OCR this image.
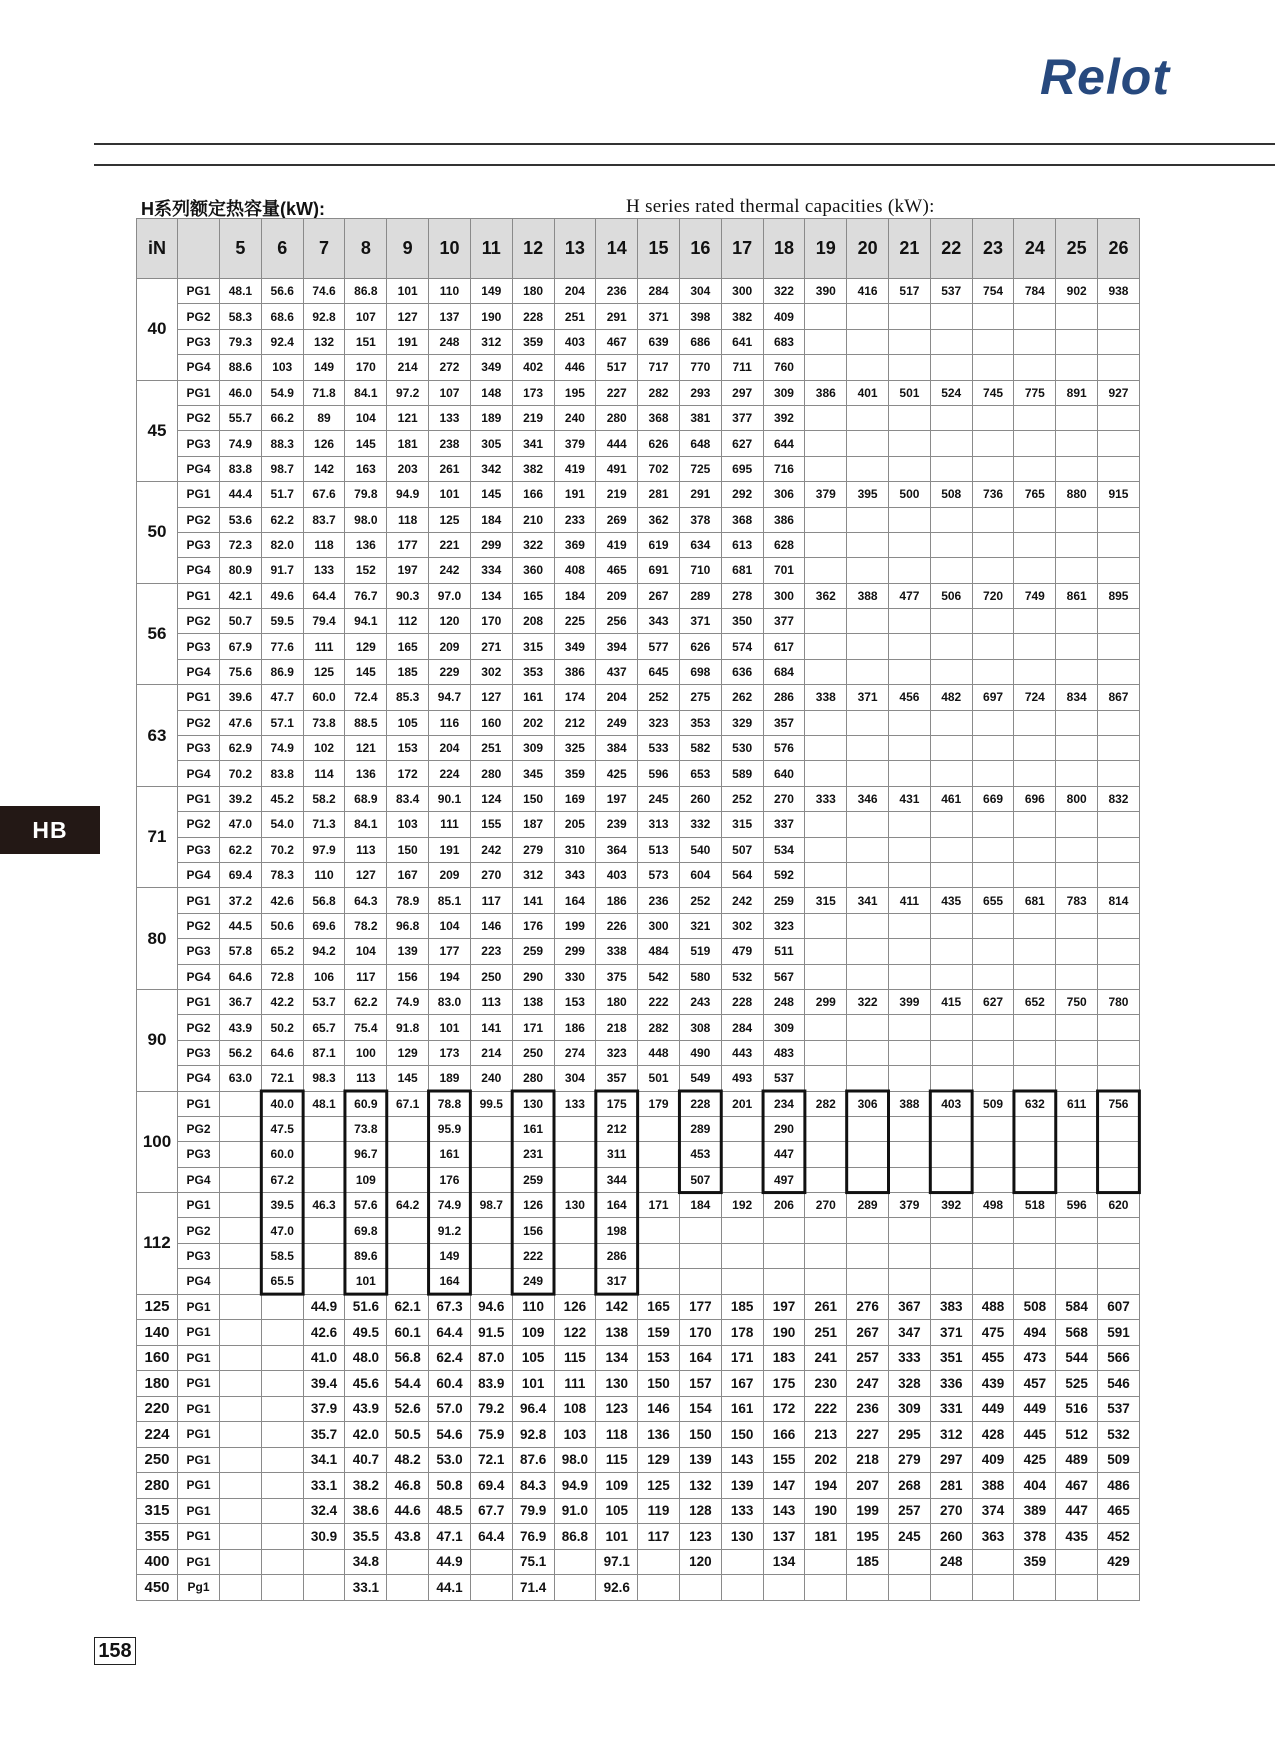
Relot
H系列额定热容量(kW):	H series rated thermal capacities (kW):
HB
158
iN		5	6	7	8	9	10	11	12	13	14	15	16	17	18	19	20	21	22	23	24	25	26
40	PG1	48.1	56.6	74.6	86.8	101	110	149	180	204	236	284	304	300	322	390	416	517	537	754	784	902	938
	PG2	58.3	68.6	92.8	107	127	137	190	228	251	291	371	398	382	409								
	PG3	79.3	92.4	132	151	191	248	312	359	403	467	639	686	641	683								
	PG4	88.6	103	149	170	214	272	349	402	446	517	717	770	711	760								
45	PG1	46.0	54.9	71.8	84.1	97.2	107	148	173	195	227	282	293	297	309	386	401	501	524	745	775	891	927
	PG2	55.7	66.2	89	104	121	133	189	219	240	280	368	381	377	392								
	PG3	74.9	88.3	126	145	181	238	305	341	379	444	626	648	627	644								
	PG4	83.8	98.7	142	163	203	261	342	382	419	491	702	725	695	716								
50	PG1	44.4	51.7	67.6	79.8	94.9	101	145	166	191	219	281	291	292	306	379	395	500	508	736	765	880	915
	PG2	53.6	62.2	83.7	98.0	118	125	184	210	233	269	362	378	368	386								
	PG3	72.3	82.0	118	136	177	221	299	322	369	419	619	634	613	628								
	PG4	80.9	91.7	133	152	197	242	334	360	408	465	691	710	681	701								
56	PG1	42.1	49.6	64.4	76.7	90.3	97.0	134	165	184	209	267	289	278	300	362	388	477	506	720	749	861	895
	PG2	50.7	59.5	79.4	94.1	112	120	170	208	225	256	343	371	350	377								
	PG3	67.9	77.6	111	129	165	209	271	315	349	394	577	626	574	617								
	PG4	75.6	86.9	125	145	185	229	302	353	386	437	645	698	636	684								
63	PG1	39.6	47.7	60.0	72.4	85.3	94.7	127	161	174	204	252	275	262	286	338	371	456	482	697	724	834	867
	PG2	47.6	57.1	73.8	88.5	105	116	160	202	212	249	323	353	329	357								
	PG3	62.9	74.9	102	121	153	204	251	309	325	384	533	582	530	576								
	PG4	70.2	83.8	114	136	172	224	280	345	359	425	596	653	589	640								
71	PG1	39.2	45.2	58.2	68.9	83.4	90.1	124	150	169	197	245	260	252	270	333	346	431	461	669	696	800	832
	PG2	47.0	54.0	71.3	84.1	103	111	155	187	205	239	313	332	315	337								
	PG3	62.2	70.2	97.9	113	150	191	242	279	310	364	513	540	507	534								
	PG4	69.4	78.3	110	127	167	209	270	312	343	403	573	604	564	592								
80	PG1	37.2	42.6	56.8	64.3	78.9	85.1	117	141	164	186	236	252	242	259	315	341	411	435	655	681	783	814
	PG2	44.5	50.6	69.6	78.2	96.8	104	146	176	199	226	300	321	302	323								
	PG3	57.8	65.2	94.2	104	139	177	223	259	299	338	484	519	479	511								
	PG4	64.6	72.8	106	117	156	194	250	290	330	375	542	580	532	567								
90	PG1	36.7	42.2	53.7	62.2	74.9	83.0	113	138	153	180	222	243	228	248	299	322	399	415	627	652	750	780
	PG2	43.9	50.2	65.7	75.4	91.8	101	141	171	186	218	282	308	284	309								
	PG3	56.2	64.6	87.1	100	129	173	214	250	274	323	448	490	443	483								
	PG4	63.0	72.1	98.3	113	145	189	240	280	304	357	501	549	493	537								
100	PG1		40.0	48.1	60.9	67.1	78.8	99.5	130	133	175	179	228	201	234	282	306	388	403	509	632	611	756
	PG2		47.5		73.8		95.9		161		212		289		290								
	PG3		60.0		96.7		161		231		311		453		447								
	PG4		67.2		109		176		259		344		507		497								
112	PG1		39.5	46.3	57.6	64.2	74.9	98.7	126	130	164	171	184	192	206	270	289	379	392	498	518	596	620
	PG2		47.0		69.8		91.2		156		198												
	PG3		58.5		89.6		149		222		286												
	PG4		65.5		101		164		249		317												
125	PG1			44.9	51.6	62.1	67.3	94.6	110	126	142	165	177	185	197	261	276	367	383	488	508	584	607
140	PG1			42.6	49.5	60.1	64.4	91.5	109	122	138	159	170	178	190	251	267	347	371	475	494	568	591
160	PG1			41.0	48.0	56.8	62.4	87.0	105	115	134	153	164	171	183	241	257	333	351	455	473	544	566
180	PG1			39.4	45.6	54.4	60.4	83.9	101	111	130	150	157	167	175	230	247	328	336	439	457	525	546
220	PG1			37.9	43.9	52.6	57.0	79.2	96.4	108	123	146	154	161	172	222	236	309	331	449	449	516	537
224	PG1			35.7	42.0	50.5	54.6	75.9	92.8	103	118	136	150	150	166	213	227	295	312	428	445	512	532
250	PG1			34.1	40.7	48.2	53.0	72.1	87.6	98.0	115	129	139	143	155	202	218	279	297	409	425	489	509
280	PG1			33.1	38.2	46.8	50.8	69.4	84.3	94.9	109	125	132	139	147	194	207	268	281	388	404	467	486
315	PG1			32.4	38.6	44.6	48.5	67.7	79.9	91.0	105	119	128	133	143	190	199	257	270	374	389	447	465
355	PG1			30.9	35.5	43.8	47.1	64.4	76.9	86.8	101	117	123	130	137	181	195	245	260	363	378	435	452
400	PG1				34.8		44.9		75.1		97.1		120		134		185		248		359		429
450	Pg1				33.1		44.1		71.4		92.6												
